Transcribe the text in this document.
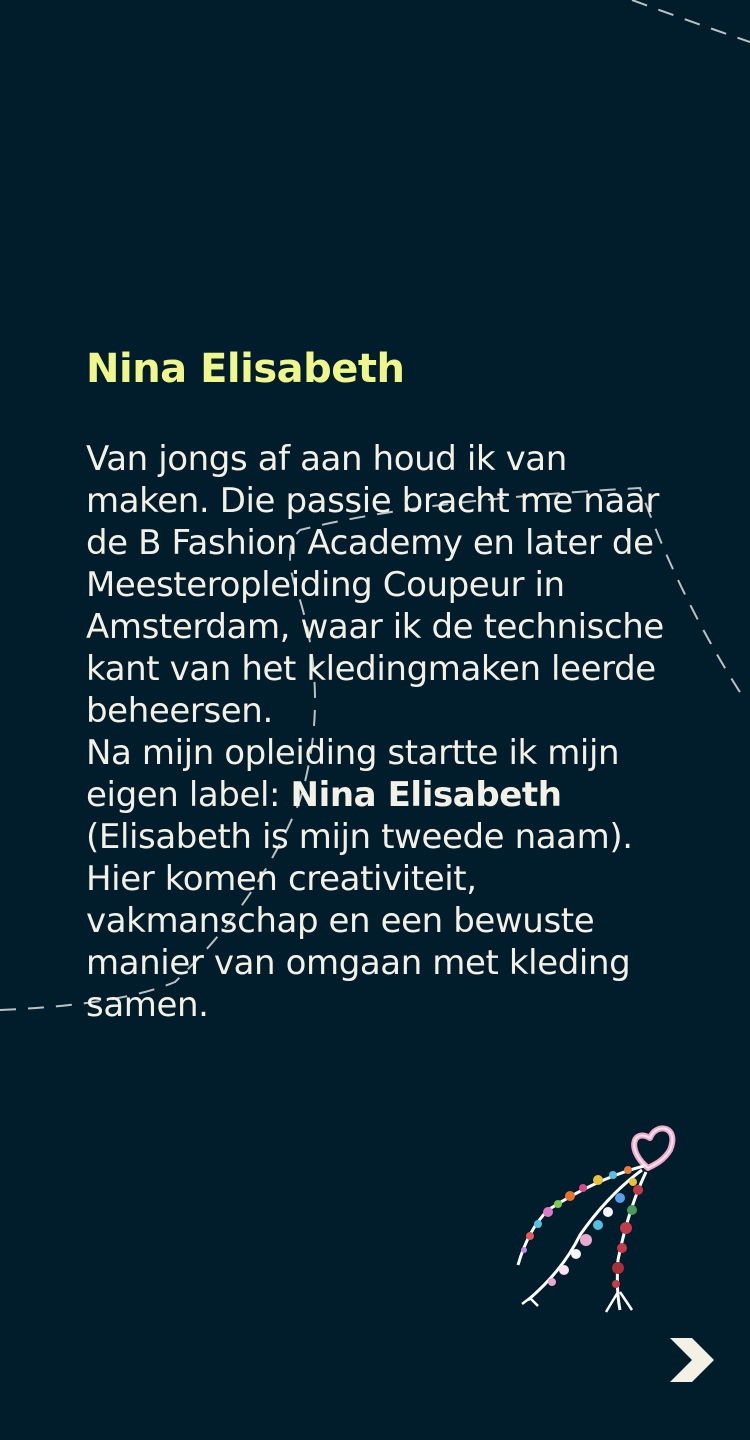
Nina Elisabeth

Van jongs af aan houd ik van maken. Die passie bracht me naar de B Fashion Academy en later de Meesteropleiding Coupeur in Amsterdam, waar ik de technische kant van het kledingmaken leerde beheersen.
Na mijn opleiding startte ik mijn eigen label: Nina Elisabeth (Elisabeth is mijn tweede naam). Hier komen creativiteit, vakmanschap en een bewuste manier van omgaan met kleding samen.
